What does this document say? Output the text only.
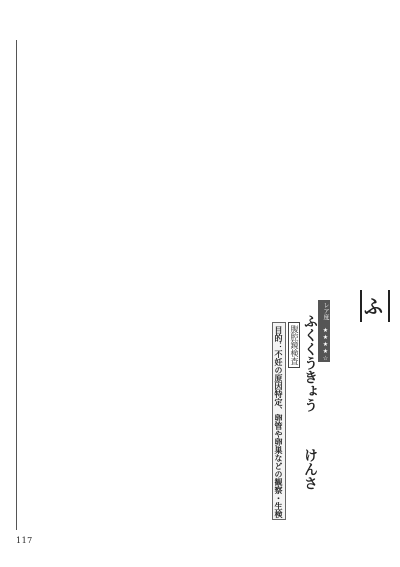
ふ
レア度 ★★★★☆
ふくくうきょう
けんさ
腹腔鏡検査
目的：不妊の原因特定、卵管や卵巣などの観察・生検
117
